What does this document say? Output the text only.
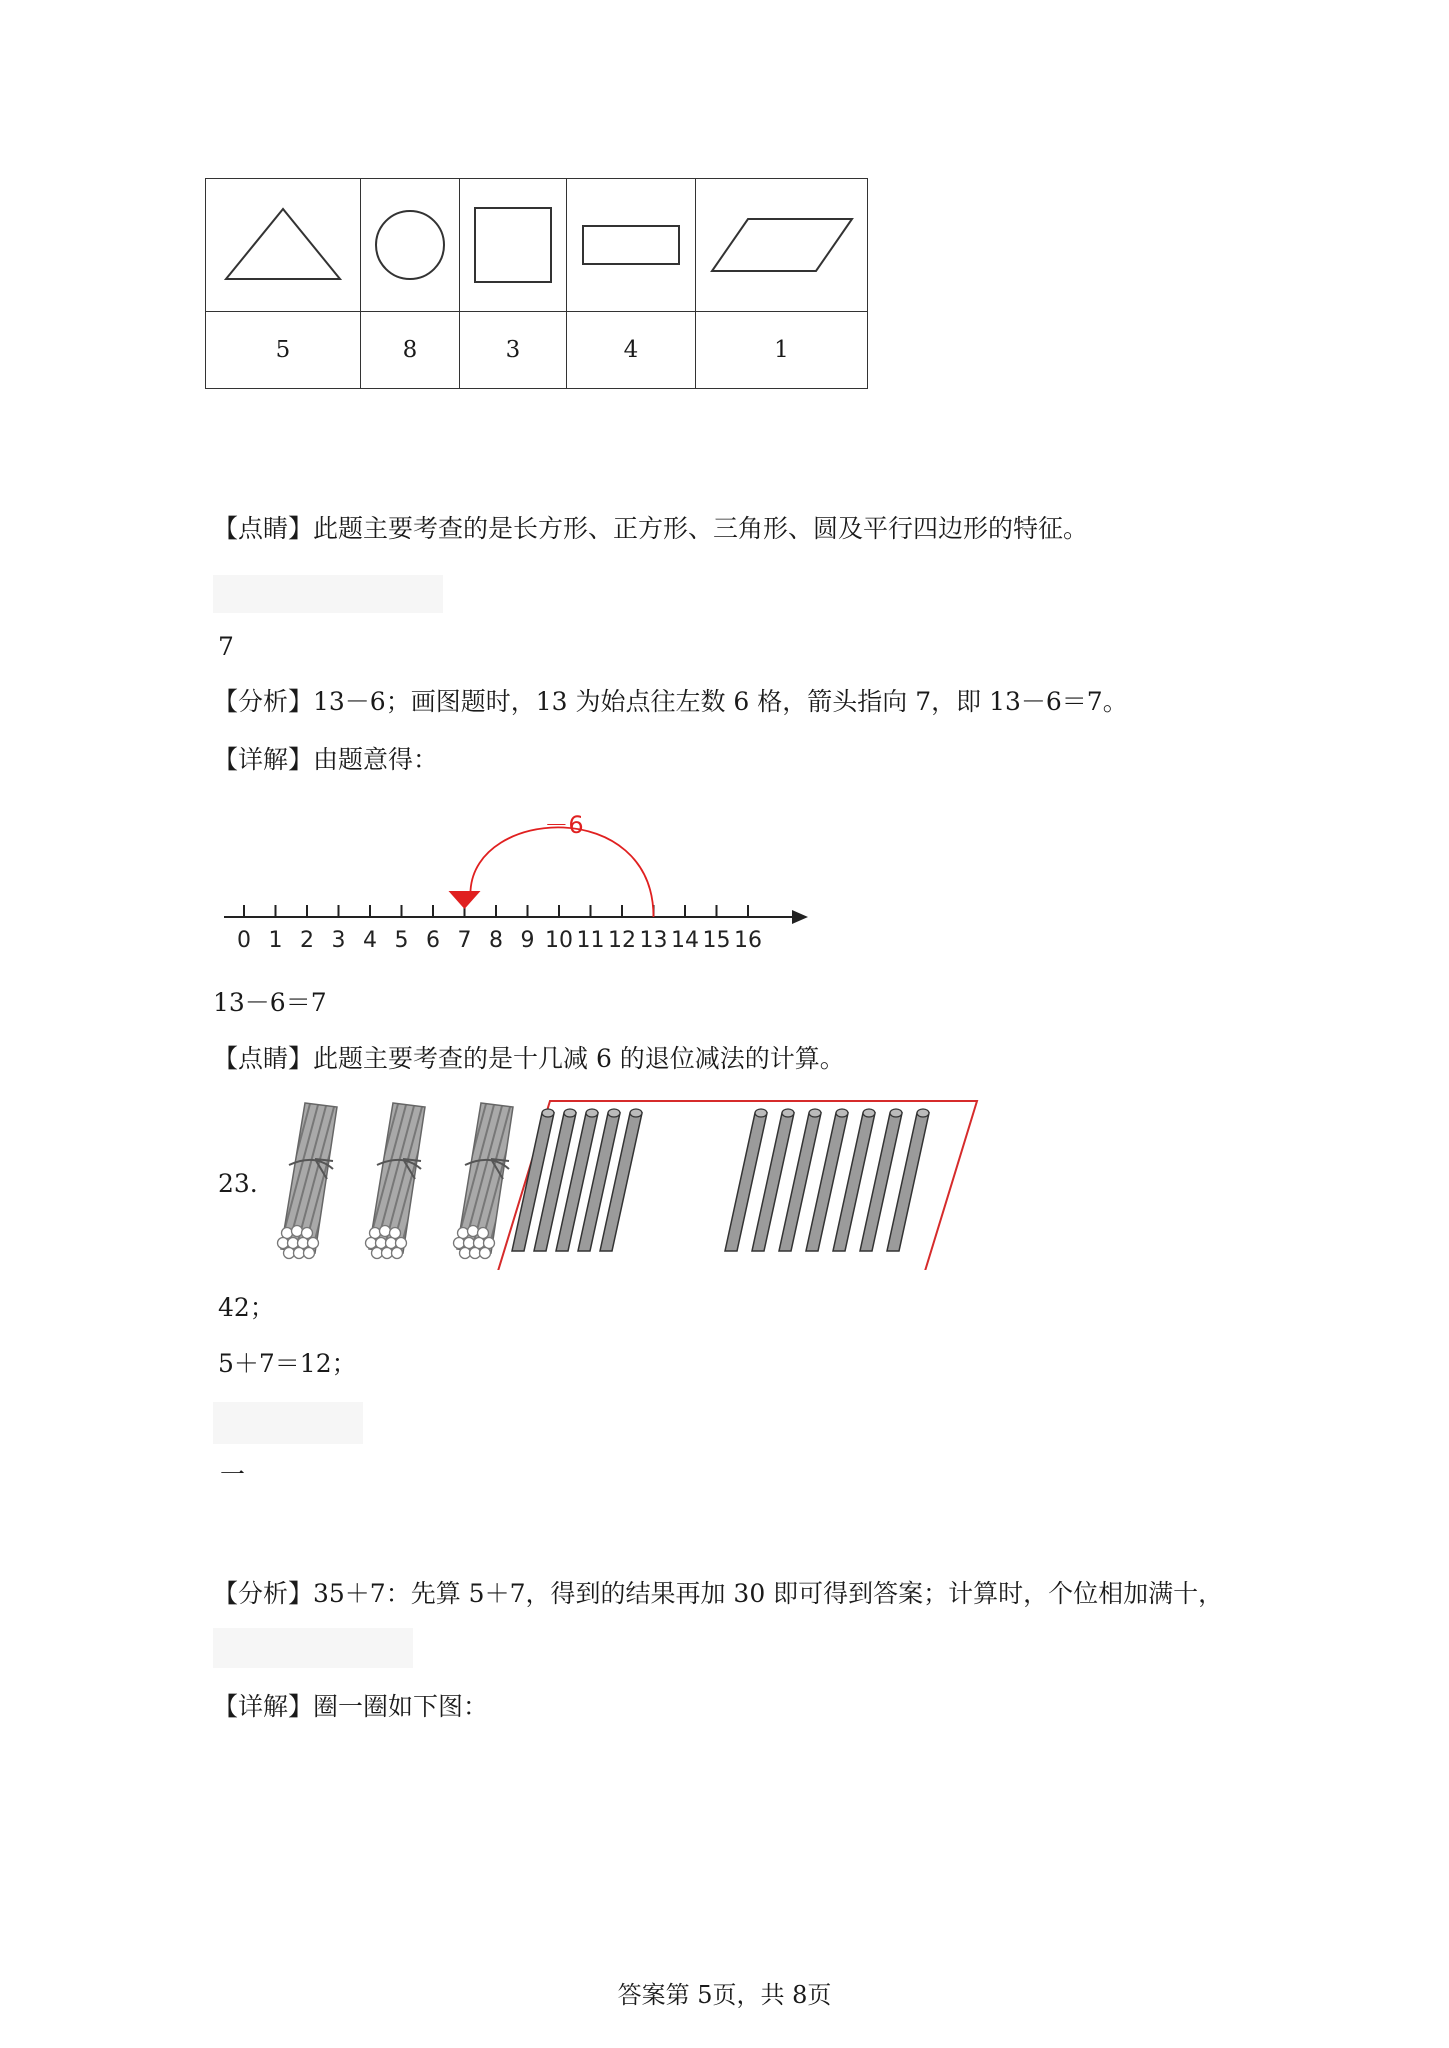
5	8	3	4	1
【点睛】此题主要考查的是长方形、正方形、三角形、圆及平行四边形的特征。
7
【分析】13－6；画图题时，13 为始点往左数 6 格，箭头指向 7，即 13－6＝7。
【详解】由题意得：
0 1 2 3 4 5 6 7 8 9 10 11 12 13 14 15 16
－6
13－6＝7
【点睛】此题主要考查的是十几减 6 的退位减法的计算。
23.
42；
5＋7＝12；
一
【分析】35＋7：先算 5＋7，得到的结果再加 30 即可得到答案；计算时，个位相加满十，
【详解】圈一圈如下图：
答案第 5页，共 8页
